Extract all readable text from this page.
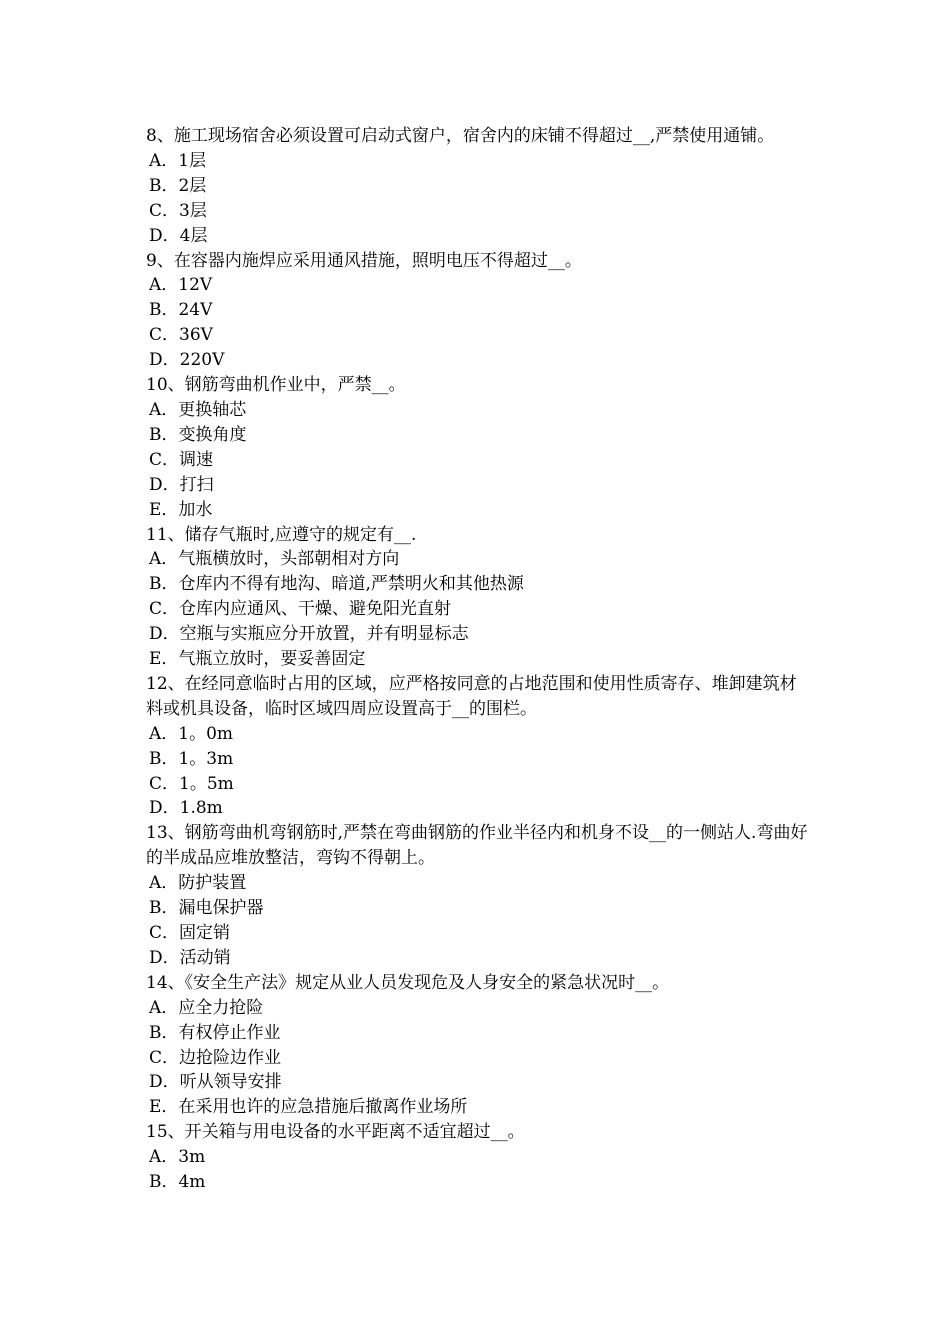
8、施工现场宿舍必须设置可启动式窗户，宿舍内的床铺不得超过__,严禁使用通铺。

A．1层

B．2层

C．3层

D．4层

9、在容器内施焊应采用通风措施，照明电压不得超过__。

A．12V

B．24V

C．36V

D．220V

10、钢筋弯曲机作业中，严禁__。

A．更换轴芯

B．变换角度

C．调速

D．打扫

E．加水

11、储存气瓶时,应遵守的规定有__.

A．气瓶横放时，头部朝相对方向

B．仓库内不得有地沟、暗道,严禁明火和其他热源

C．仓库内应通风、干燥、避免阳光直射

D．空瓶与实瓶应分开放置，并有明显标志

E．气瓶立放时，要妥善固定

12、在经同意临时占用的区域，应严格按同意的占地范围和使用性质寄存、堆卸建筑材料或机具设备，临时区域四周应设置高于__的围栏。

A．1。0m

B．1。3m

C．1。5m

D．1.8m

13、钢筋弯曲机弯钢筋时,严禁在弯曲钢筋的作业半径内和机身不设__的一侧站人.弯曲好的半成品应堆放整洁，弯钩不得朝上。

A．防护装置

B．漏电保护器

C．固定销

D．活动销

14、《安全生产法》规定从业人员发现危及人身安全的紧急状况时__。

A．应全力抢险

B．有权停止作业

C．边抢险边作业

D．听从领导安排

E．在采用也许的应急措施后撤离作业场所

15、开关箱与用电设备的水平距离不适宜超过__。

A．3m

B．4m
